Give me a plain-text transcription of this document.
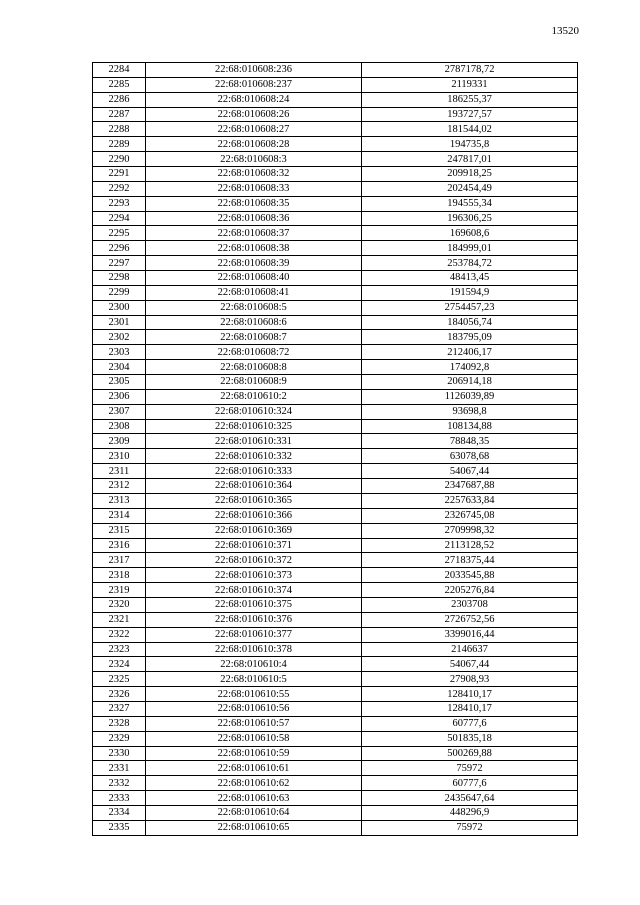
13520
2284	22:68:010608:236	2787178,72
2285	22:68:010608:237	2119331
2286	22:68:010608:24	186255,37
2287	22:68:010608:26	193727,57
2288	22:68:010608:27	181544,02
2289	22:68:010608:28	194735,8
2290	22:68:010608:3	247817,01
2291	22:68:010608:32	209918,25
2292	22:68:010608:33	202454,49
2293	22:68:010608:35	194555,34
2294	22:68:010608:36	196306,25
2295	22:68:010608:37	169608,6
2296	22:68:010608:38	184999,01
2297	22:68:010608:39	253784,72
2298	22:68:010608:40	48413,45
2299	22:68:010608:41	191594,9
2300	22:68:010608:5	2754457,23
2301	22:68:010608:6	184056,74
2302	22:68:010608:7	183795,09
2303	22:68:010608:72	212406,17
2304	22:68:010608:8	174092,8
2305	22:68:010608:9	206914,18
2306	22:68:010610:2	1126039,89
2307	22:68:010610:324	93698,8
2308	22:68:010610:325	108134,88
2309	22:68:010610:331	78848,35
2310	22:68:010610:332	63078,68
2311	22:68:010610:333	54067,44
2312	22:68:010610:364	2347687,88
2313	22:68:010610:365	2257633,84
2314	22:68:010610:366	2326745,08
2315	22:68:010610:369	2709998,32
2316	22:68:010610:371	2113128,52
2317	22:68:010610:372	2718375,44
2318	22:68:010610:373	2033545,88
2319	22:68:010610:374	2205276,84
2320	22:68:010610:375	2303708
2321	22:68:010610:376	2726752,56
2322	22:68:010610:377	3399016,44
2323	22:68:010610:378	2146637
2324	22:68:010610:4	54067,44
2325	22:68:010610:5	27908,93
2326	22:68:010610:55	128410,17
2327	22:68:010610:56	128410,17
2328	22:68:010610:57	60777,6
2329	22:68:010610:58	501835,18
2330	22:68:010610:59	500269,88
2331	22:68:010610:61	75972
2332	22:68:010610:62	60777,6
2333	22:68:010610:63	2435647,64
2334	22:68:010610:64	448296,9
2335	22:68:010610:65	75972
